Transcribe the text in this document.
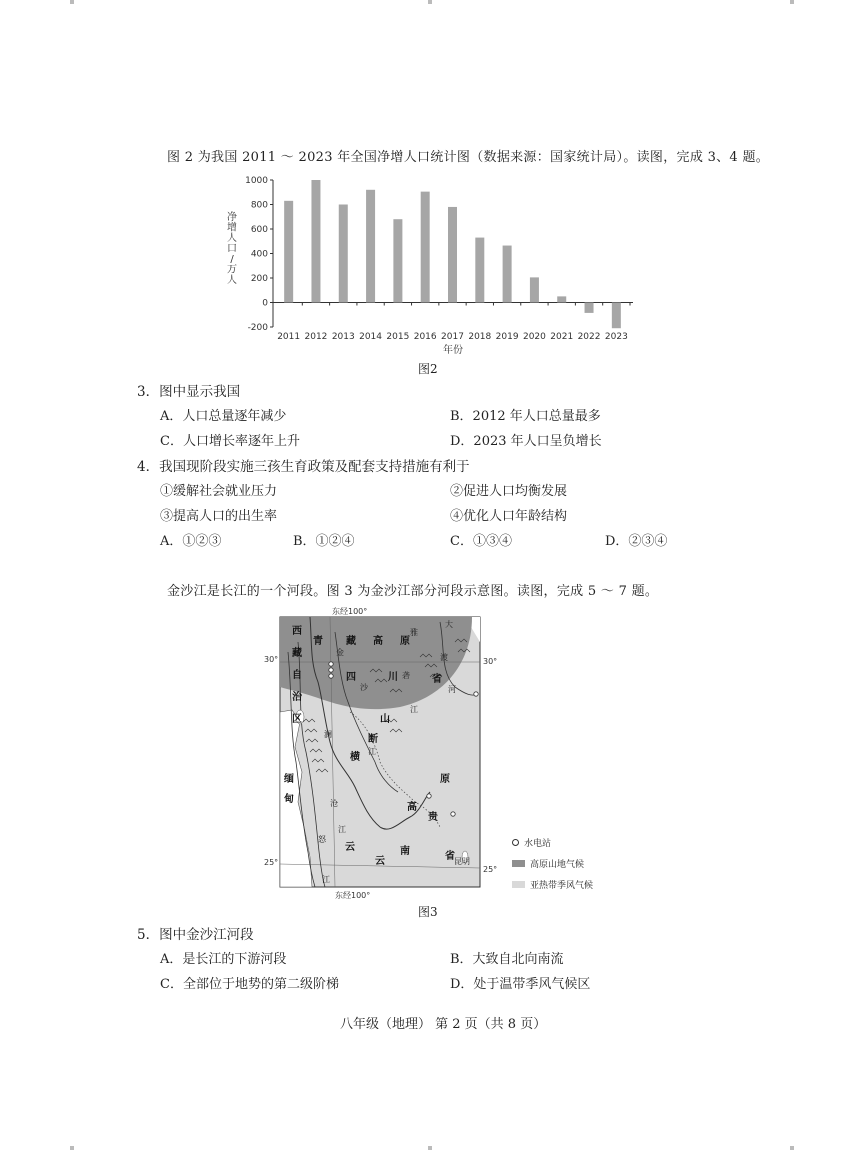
图 2 为我国 2011 ～ 2023 年全国净增人口统计图（数据来源：国家统计局）。读图，完成 3、4 题。
1000
800
600
400
200
0
-200
2011 2012 2013 2014 2015 2016 2017 2018 2019 2020 2021 2022 2023
年份
净
增
人
口
/
万
人
图2
3．图中显示我国
A．人口总量逐年减少	B．2012 年人口总量最多
C．人口增长率逐年上升	D．2023 年人口呈负增长
4．我国现阶段实施三孩生育政策及配套支持措施有利于
①缓解社会就业压力	②促进人口均衡发展
③提高人口的出生率	④优化人口年龄结构
A．①②③	B．①②④	C．①③④	D．②③④
金沙江是长江的一个河段。图 3 为金沙江部分河段示意图。读图，完成 5 ～ 7 题。
东经100°
东经100°
30°	30°
25°
25°
西
藏
自
治
区
青 藏 高 原
四	川	省
山
横
断
云	南	省
高
贵
原
云
缅
甸
金
沙
江
雅
砻
江
大
渡
河
澜
沧
江
怒
江
昆明
水电站
高原山地气候
亚热带季风气候
图3
5．图中金沙江河段
A．是长江的下游河段	B．大致自北向南流
C．全部位于地势的第二级阶梯	D．处于温带季风气候区
八年级（地理） 第 2 页（共 8 页）
